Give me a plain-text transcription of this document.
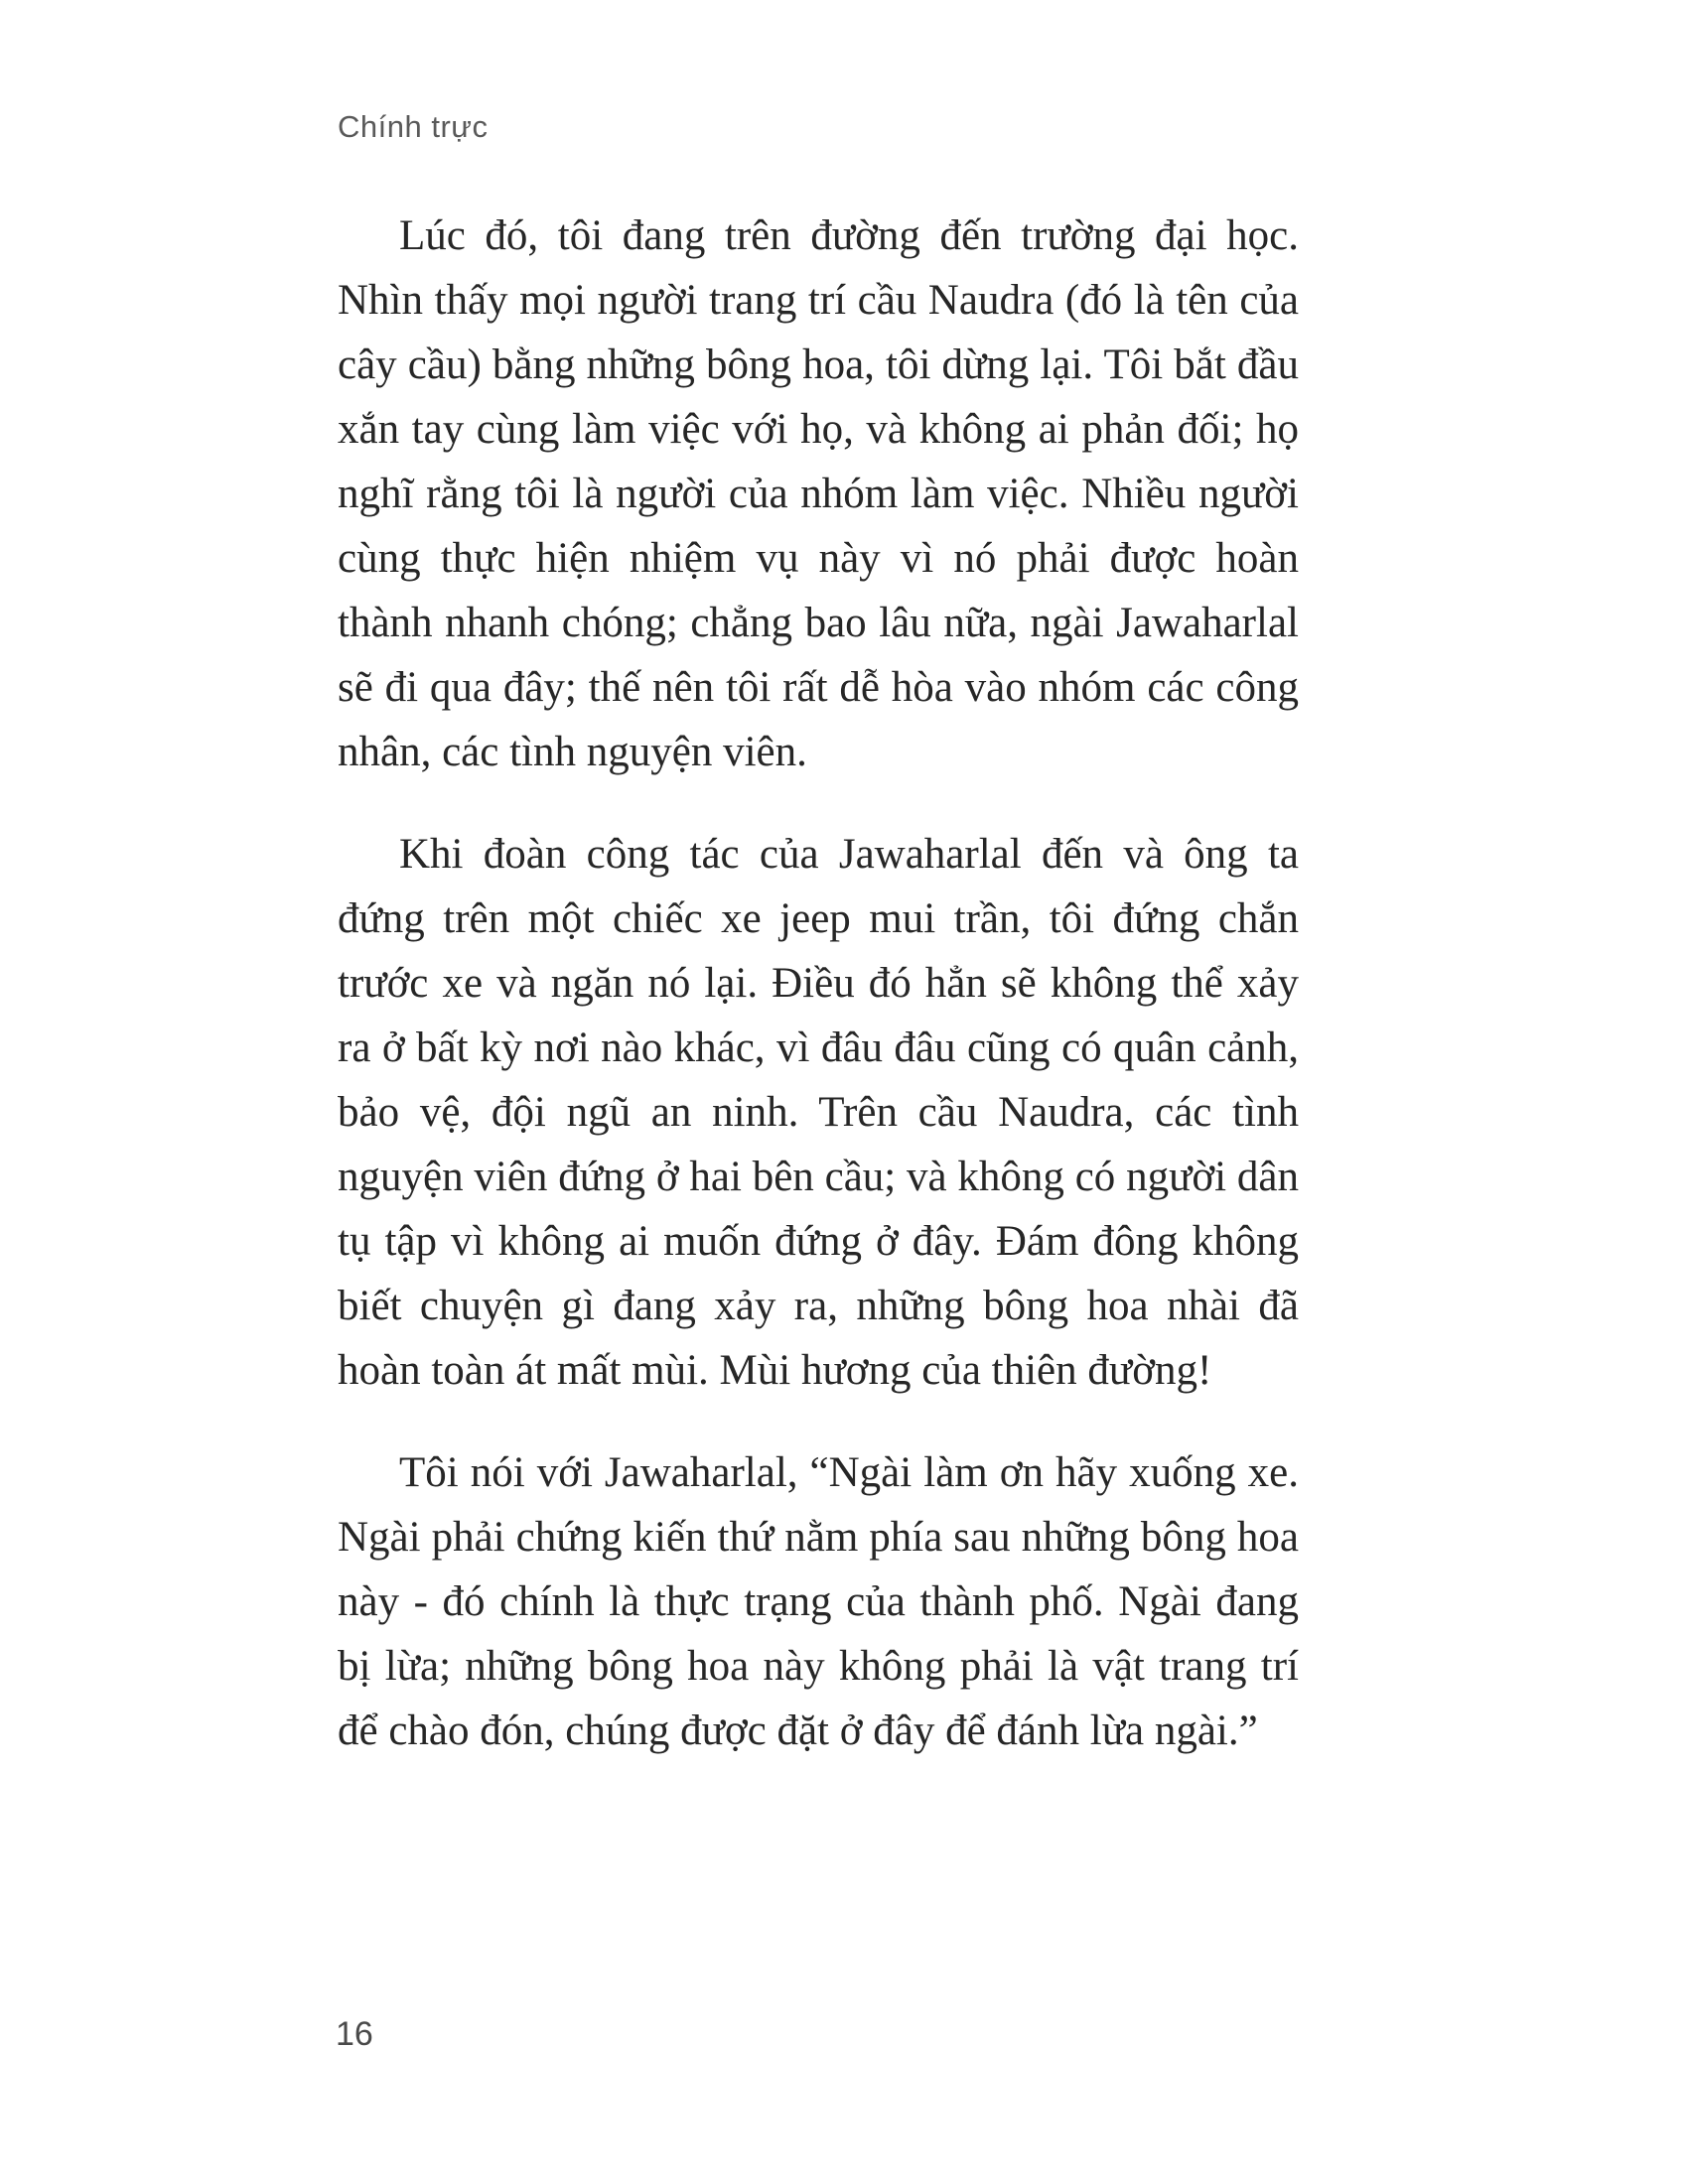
Chính trực

Lúc đó, tôi đang trên đường đến trường đại học. Nhìn thấy mọi người trang trí cầu Naudra (đó là tên của cây cầu) bằng những bông hoa, tôi dừng lại. Tôi bắt đầu xắn tay cùng làm việc với họ, và không ai phản đối; họ nghĩ rằng tôi là người của nhóm làm việc. Nhiều người cùng thực hiện nhiệm vụ này vì nó phải được hoàn thành nhanh chóng; chẳng bao lâu nữa, ngài Jawaharlal sẽ đi qua đây; thế nên tôi rất dễ hòa vào nhóm các công nhân, các tình nguyện viên.

Khi đoàn công tác của Jawaharlal đến và ông ta đứng trên một chiếc xe jeep mui trần, tôi đứng chắn trước xe và ngăn nó lại. Điều đó hẳn sẽ không thể xảy ra ở bất kỳ nơi nào khác, vì đâu đâu cũng có quân cảnh, bảo vệ, đội ngũ an ninh. Trên cầu Naudra, các tình nguyện viên đứng ở hai bên cầu; và không có người dân tụ tập vì không ai muốn đứng ở đây. Đám đông không biết chuyện gì đang xảy ra, những bông hoa nhài đã hoàn toàn át mất mùi. Mùi hương của thiên đường!

Tôi nói với Jawaharlal, “Ngài làm ơn hãy xuống xe. Ngài phải chứng kiến thứ nằm phía sau những bông hoa này - đó chính là thực trạng của thành phố. Ngài đang bị lừa; những bông hoa này không phải là vật trang trí để chào đón, chúng được đặt ở đây để đánh lừa ngài.”

16
